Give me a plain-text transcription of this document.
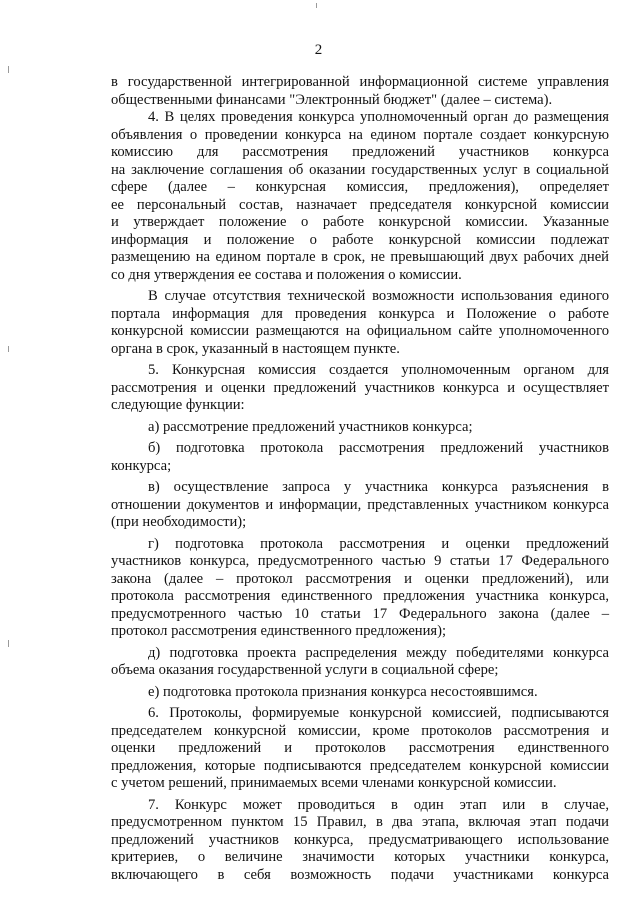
2
в государственной интегрированной информационной системе управления
общественными финансами "Электронный бюджет" (далее – система).
4. В целях проведения конкурса уполномоченный орган до размещения
объявления о проведении конкурса на едином портале создает конкурсную
комиссию для рассмотрения предложений участников конкурса
на заключение соглашения об оказании государственных услуг в социальной
сфере (далее – конкурсная комиссия, предложения), определяет
ее персональный состав, назначает председателя конкурсной комиссии
и утверждает положение о работе конкурсной комиссии. Указанные
информация и положение о работе конкурсной комиссии подлежат
размещению на едином портале в срок, не превышающий двух рабочих дней
со дня утверждения ее состава и положения о комиссии.
В случае отсутствия технической возможности использования единого
портала информация для проведения конкурса и Положение о работе
конкурсной комиссии размещаются на официальном сайте уполномоченного
органа в срок, указанный в настоящем пункте.
5. Конкурсная комиссия создается уполномоченным органом для
рассмотрения и оценки предложений участников конкурса и осуществляет
следующие функции:
а) рассмотрение предложений участников конкурса;
б) подготовка протокола рассмотрения предложений участников
конкурса;
в) осуществление запроса у участника конкурса разъяснения в
отношении документов и информации, представленных участником конкурса
(при необходимости);
г) подготовка протокола рассмотрения и оценки предложений
участников конкурса, предусмотренного частью 9 статьи 17 Федерального
закона (далее – протокол рассмотрения и оценки предложений), или
протокола рассмотрения единственного предложения участника конкурса,
предусмотренного частью 10 статьи 17 Федерального закона (далее –
протокол рассмотрения единственного предложения);
д) подготовка проекта распределения между победителями конкурса
объема оказания государственной услуги в социальной сфере;
е) подготовка протокола признания конкурса несостоявшимся.
6. Протоколы, формируемые конкурсной комиссией, подписываются
председателем конкурсной комиссии, кроме протоколов рассмотрения и
оценки предложений и протоколов рассмотрения единственного
предложения, которые подписываются председателем конкурсной комиссии
с учетом решений, принимаемых всеми членами конкурсной комиссии.
7. Конкурс может проводиться в один этап или в случае,
предусмотренном пунктом 15 Правил, в два этапа, включая этап подачи
предложений участников конкурса, предусматривающего использование
критериев, о величине значимости которых участники конкурса,
включающего в себя возможность подачи участниками конкурса
